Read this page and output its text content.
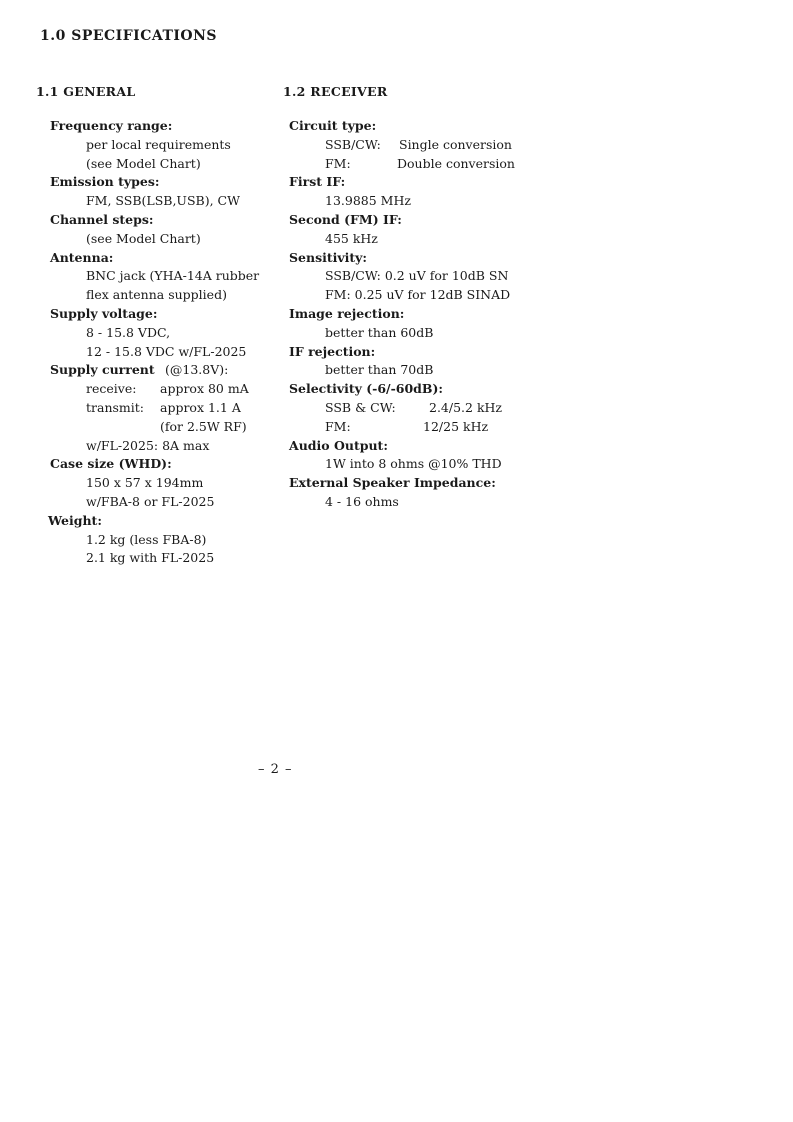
1.0 SPECIFICATIONS
1.1 GENERAL
Frequency range:
per local requirements
(see Model Chart)
Emission types:
FM, SSB(LSB,USB), CW
Channel steps:
(see Model Chart)
Antenna:
BNC jack (YHA-14A rubber
flex antenna supplied)
Supply voltage:
8 - 15.8 VDC,
12 - 15.8 VDC w/FL-2025
Supply current (@13.8V):
receive: approx 80 mA
transmit: approx 1.1 A
(for 2.5W RF)
w/FL-2025: 8A max
Case size (WHD):
150 x 57 x 194mm
w/FBA-8 or FL-2025
Weight:
1.2 kg (less FBA-8)
2.1 kg with FL-2025
1.2 RECEIVER
Circuit type:
SSB/CW: Single conversion
FM:	Double conversion
First IF:
13.9885 MHz
Second (FM) IF:
455 kHz
Sensitivity:
SSB/CW: 0.2 uV for 10dB SN
FM: 0.25 uV for 12dB SINAD
Image rejection:
better than 60dB
IF rejection:
better than 70dB
Selectivity (-6/-60dB):
SSB & CW:	2.4/5.2 kHz
FM:	12/25 kHz
Audio Output:
1W into 8 ohms @10% THD
External Speaker Impedance:
4 - 16 ohms
– 2 –
